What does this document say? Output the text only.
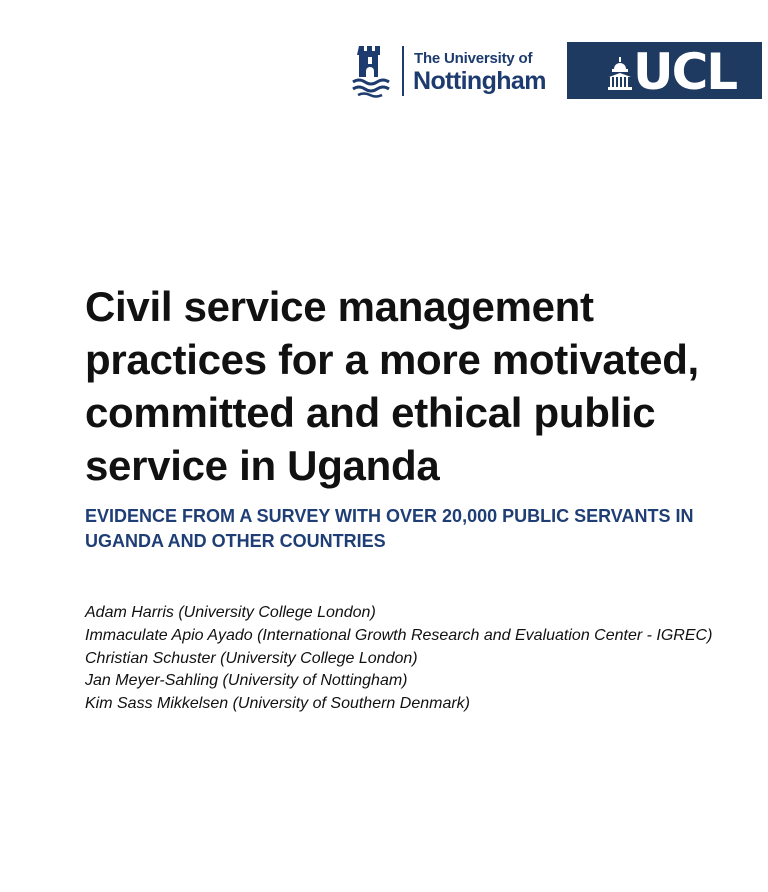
The University of
Nottingham UCL
Civil service management practices for a more motivated, committed and ethical public service in Uganda
EVIDENCE FROM A SURVEY WITH OVER 20,000 PUBLIC SERVANTS IN UGANDA AND OTHER COUNTRIES
Adam Harris (University College London)
Immaculate Apio Ayado (International Growth Research and Evaluation Center - IGREC)
Christian Schuster (University College London)
Jan Meyer-Sahling (University of Nottingham)
Kim Sass Mikkelsen (University of Southern Denmark)
